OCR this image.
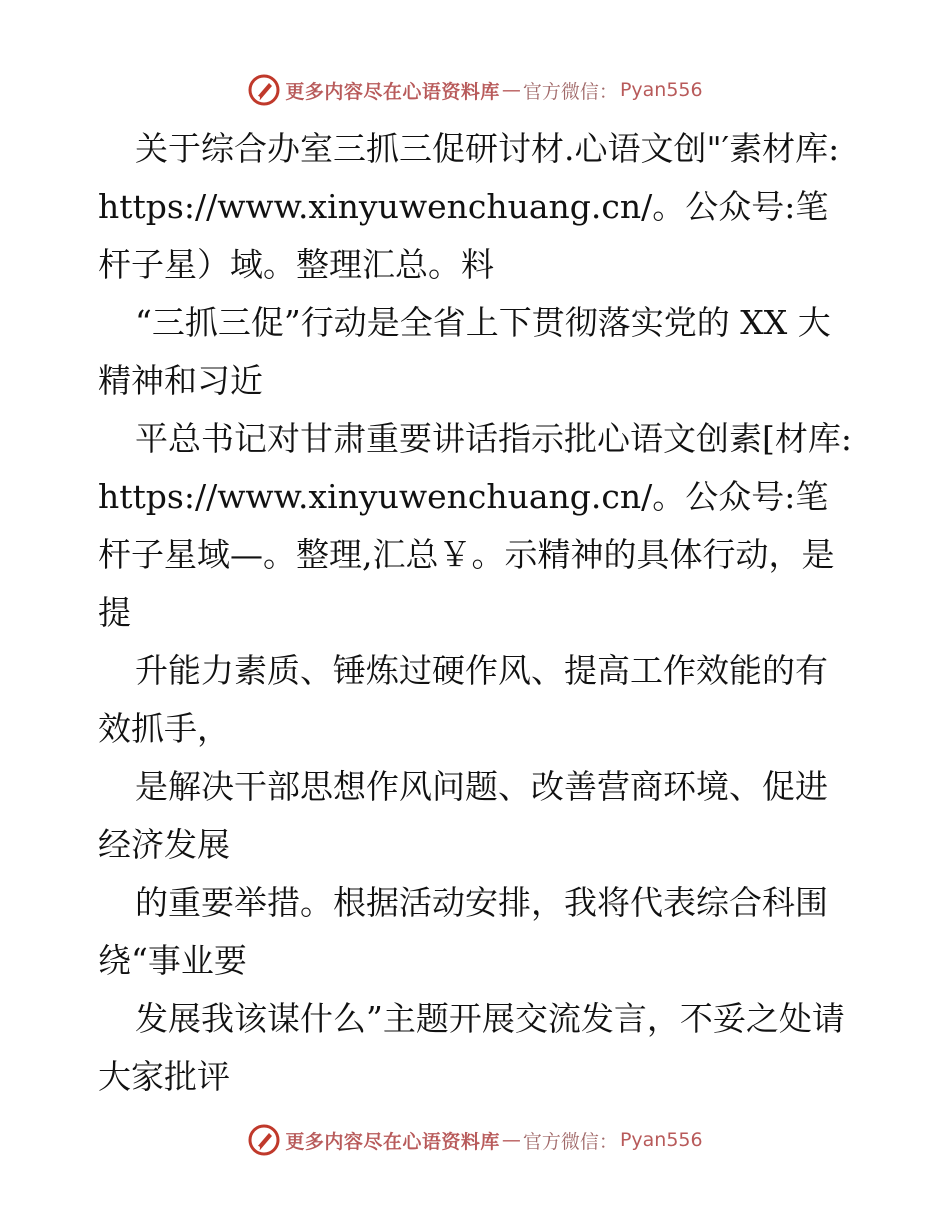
更多内容尽在心语资料库 — 官方微信： Pyan556

关于综合办室三抓三促研讨材.心语文创"′素材库: https://www.xinyuwenchuang.cn/。公众号:笔杆子星）域。整理汇总。料

“三抓三促”行动是全省上下贯彻落实党的 XX 大精神和习近

平总书记对甘肃重要讲话指示批心语文创素[材库: https://www.xinyuwenchuang.cn/。公众号:笔杆子星域—。整理,汇总￥。示精神的具体行动，是提

升能力素质、锤炼过硬作风、提高工作效能的有效抓手，

是解决干部思想作风问题、改善营商环境、促进经济发展

的重要举措。根据活动安排，我将代表综合科围绕“事业要

发展我该谋什么”主题开展交流发言，不妥之处请大家批评

更多内容尽在心语资料库 — 官方微信： Pyan556
